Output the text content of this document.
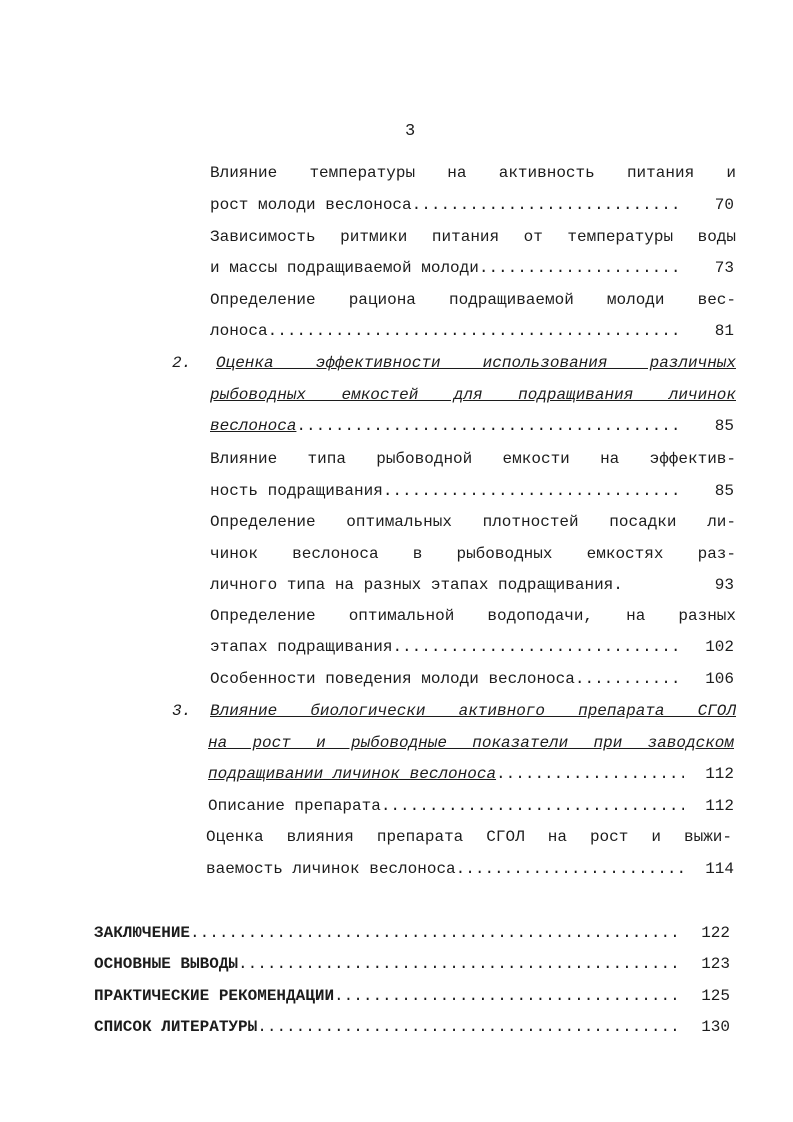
3
Влияние температуры на активность питания и
рост молоди веслоноса .....	70
Зависимость ритмики питания от температуры воды
и массы подращиваемой молоди .....	73
Определение рациона подращиваемой молоди вес-
лоноса .....	81
2.	Оценка эффективности использования различных
рыбоводных емкостей для подращивания личинок
веслоноса .....	85
Влияние типа рыбоводной емкости на эффектив-
ность подращивания .....	85
Определение оптимальных плотностей посадки ли-
чинок веслоноса в рыбоводных емкостях раз-
личного типа на разных этапах подращивания.	93
Определение оптимальной водоподачи, на разных
этапах подращивания .....	102
Особенности поведения молоди веслоноса .....	106
3.	Влияние биологически активного препарата СГОЛ
на рост и рыбоводные показатели при заводском
подращивании личинок веслоноса .....	112
Описание препарата .....	112
Оценка влияния препарата СГОЛ на рост и выжи-
ваемость личинок веслоноса .....	114
ЗАКЛЮЧЕНИЕ .....	122
ОСНОВНЫЕ ВЫВОДЫ .....	123
ПРАКТИЧЕСКИЕ РЕКОМЕНДАЦИИ .....	125
СПИСОК ЛИТЕРАТУРЫ .....	130
